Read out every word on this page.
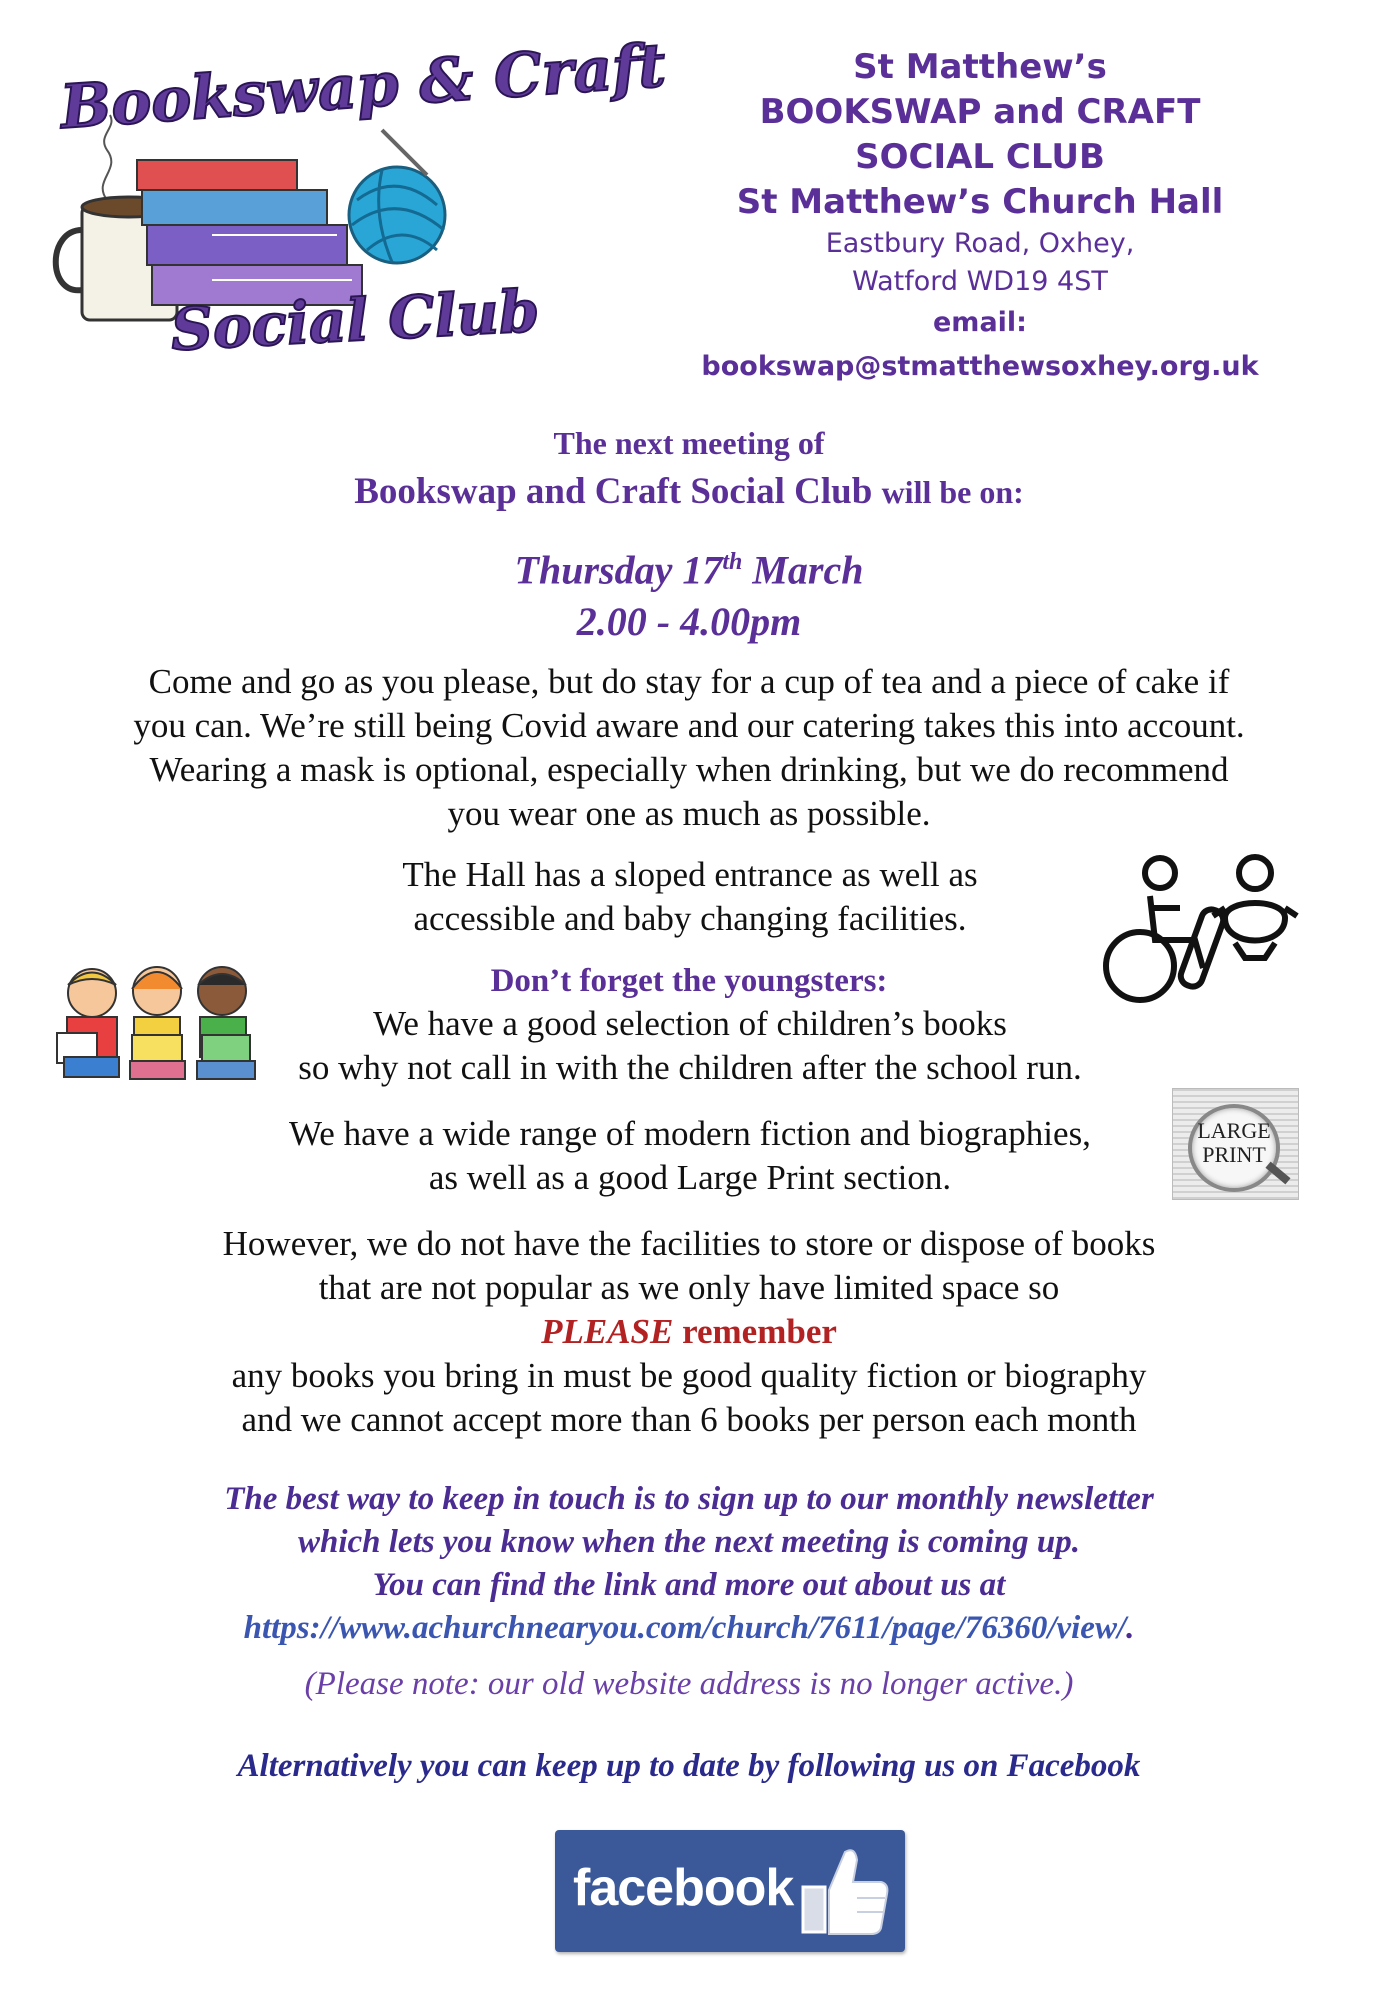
Bookswap & Craft
Social Club
St Matthew’s
BOOKSWAP and CRAFT
SOCIAL CLUB
St Matthew’s Church Hall
Eastbury Road, Oxhey,
Watford WD19 4ST
email: bookswap@stmatthewsoxhey.org.uk
The next meeting of
Bookswap and Craft Social Club will be on:
Thursday 17th March
2.00 - 4.00pm
Come and go as you please, but do stay for a cup of tea and a piece of cake if
you can. We’re still being Covid aware and our catering takes this into account.
Wearing a mask is optional, especially when drinking, but we do recommend
you wear one as much as possible.
The Hall has a sloped entrance as well as
accessible and baby changing facilities.
Don’t forget the youngsters:
We have a good selection of children’s books
so why not call in with the children after the school run.
We have a wide range of modern fiction and biographies,
as well as a good Large Print section.
LARGE
PRINT
However, we do not have the facilities to store or dispose of books
that are not popular as we only have limited space so
PLEASE remember
any books you bring in must be good quality fiction or biography
and we cannot accept more than 6 books per person each month
The best way to keep in touch is to sign up to our monthly newsletter
which lets you know when the next meeting is coming up.
You can find the link and more out about us at
https://www.achurchnearyou.com/church/7611/page/76360/view/.
(Please note: our old website address is no longer active.)
Alternatively you can keep up to date by following us on Facebook
facebook
